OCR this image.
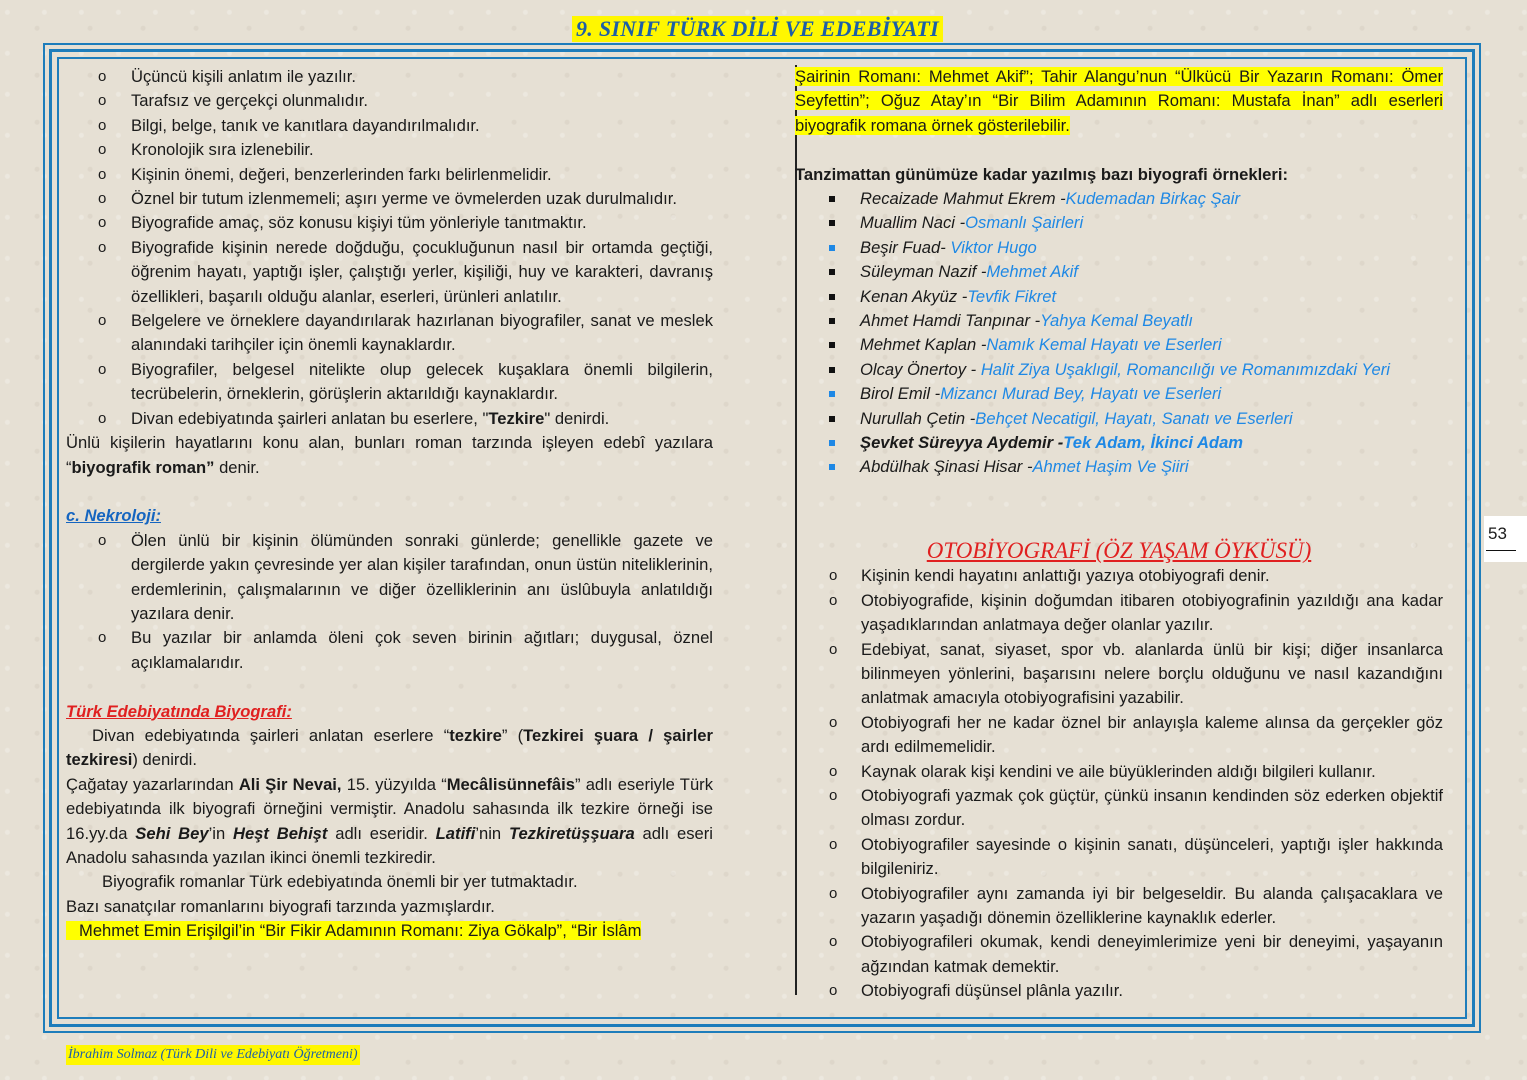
9. SINIF TÜRK DİLİ VE EDEBİYATI
o Üçüncü kişili anlatım ile yazılır.
o Tarafsız ve gerçekçi olunmalıdır.
o Bilgi, belge, tanık ve kanıtlara dayandırılmalıdır.
o Kronolojik sıra izlenebilir.
o Kişinin önemi, değeri, benzerlerinden farkı belirlenmelidir.
o Öznel bir tutum izlenmemeli; aşırı yerme ve övmelerden uzak durulmalıdır.
o Biyografide amaç, söz konusu kişiyi tüm yönleriyle tanıtmaktır.
o Biyografide kişinin nerede doğduğu, çocukluğunun nasıl bir ortamda geçtiği, öğrenim hayatı, yaptığı işler, çalıştığı yerler, kişiliği, huy ve karakteri, davranış özellikleri, başarılı olduğu alanlar, eserleri, ürünleri anlatılır.
o Belgelere ve örneklere dayandırılarak hazırlanan biyografiler, sanat ve meslek alanındaki tarihçiler için önemli kaynaklardır.
o Biyografiler, belgesel nitelikte olup gelecek kuşaklara önemli bilgilerin, tecrübelerin, örneklerin, görüşlerin aktarıldığı kaynaklardır.
o Divan edebiyatında şairleri anlatan bu eserlere, "Tezkire" denirdi.
Ünlü kişilerin hayatlarını konu alan, bunları roman tarzında işleyen edebî yazılara “biyografik roman” denir.
c. Nekroloji:
o Ölen ünlü bir kişinin ölümünden sonraki günlerde; genellikle gazete ve dergilerde yakın çevresinde yer alan kişiler tarafından, onun üstün niteliklerinin, erdemlerinin, çalışmalarının ve diğer özelliklerinin anı üslûbuyla anlatıldığı yazılara denir.
o Bu yazılar bir anlamda öleni çok seven birinin ağıtları; duygusal, öznel açıklamalarıdır.
Türk Edebiyatında Biyografi:
Divan edebiyatında şairleri anlatan eserlere “tezkire” (Tezkirei şuara / şairler tezkiresi) denirdi.
Çağatay yazarlarından Ali Şir Nevai, 15. yüzyılda “Mecâlisünnefâis” adlı eseriyle Türk edebiyatında ilk biyografi örneğini vermiştir. Anadolu sahasında ilk tezkire örneği ise 16.yy.da Sehi Bey’in Heşt Behişt adlı eseridir. Latifi’nin Tezkiretüşşuara adlı eseri Anadolu sahasında yazılan ikinci önemli tezkiredir.
Biyografik romanlar Türk edebiyatında önemli bir yer tutmaktadır.
Bazı sanatçılar romanlarını biyografi tarzında yazmışlardır.
Mehmet Emin Erişilgil’in “Bir Fikir Adamının Romanı: Ziya Gökalp”, “Bir İslâm
Şairinin Romanı: Mehmet Akif”; Tahir Alangu’nun “Ülkücü Bir Yazarın Romanı: Ömer Seyfettin”; Oğuz Atay’ın “Bir Bilim Adamının Romanı: Mustafa İnan” adlı eserleri biyografik romana örnek gösterilebilir.
Tanzimattan günümüze kadar yazılmış bazı biyografi örnekleri:
Recaizade Mahmut Ekrem -Kudemadan Birkaç Şair
Muallim Naci -Osmanlı Şairleri
Beşir Fuad- Viktor Hugo
Süleyman Nazif -Mehmet Akif
Kenan Akyüz -Tevfik Fikret
Ahmet Hamdi Tanpınar -Yahya Kemal Beyatlı
Mehmet Kaplan -Namık Kemal Hayatı ve Eserleri
Olcay Önertoy - Halit Ziya Uşaklıgil, Romancılığı ve Romanımızdaki Yeri
Birol Emil -Mizancı Murad Bey, Hayatı ve Eserleri
Nurullah Çetin -Behçet Necatigil, Hayatı, Sanatı ve Eserleri
Şevket Süreyya Aydemir -Tek Adam, İkinci Adam
Abdülhak Şinasi Hisar -Ahmet Haşim Ve Şiiri
OTOBİYOGRAFİ (ÖZ YAŞAM ÖYKÜSÜ)
o Kişinin kendi hayatını anlattığı yazıya otobiyografi denir.
o Otobiyografide, kişinin doğumdan itibaren otobiyografinin yazıldığı ana kadar yaşadıklarından anlatmaya değer olanlar yazılır.
o Edebiyat, sanat, siyaset, spor vb. alanlarda ünlü bir kişi; diğer insanlarca bilinmeyen yönlerini, başarısını nelere borçlu olduğunu ve nasıl kazandığını anlatmak amacıyla otobiyografisini yazabilir.
o Otobiyografi her ne kadar öznel bir anlayışla kaleme alınsa da gerçekler göz ardı edilmemelidir.
o Kaynak olarak kişi kendini ve aile büyüklerinden aldığı bilgileri kullanır.
o Otobiyografi yazmak çok güçtür, çünkü insanın kendinden söz ederken objektif olması zordur.
o Otobiyografiler sayesinde o kişinin sanatı, düşünceleri, yaptığı işler hakkında bilgileniriz.
o Otobiyografiler aynı zamanda iyi bir belgeseldir. Bu alanda çalışacaklara ve yazarın yaşadığı dönemin özelliklerine kaynaklık ederler.
o Otobiyografileri okumak, kendi deneyimlerimize yeni bir deneyimi, yaşayanın ağzından katmak demektir.
o Otobiyografi düşünsel plânla yazılır.
53
İbrahim Solmaz (Türk Dili ve Edebiyatı Öğretmeni)
